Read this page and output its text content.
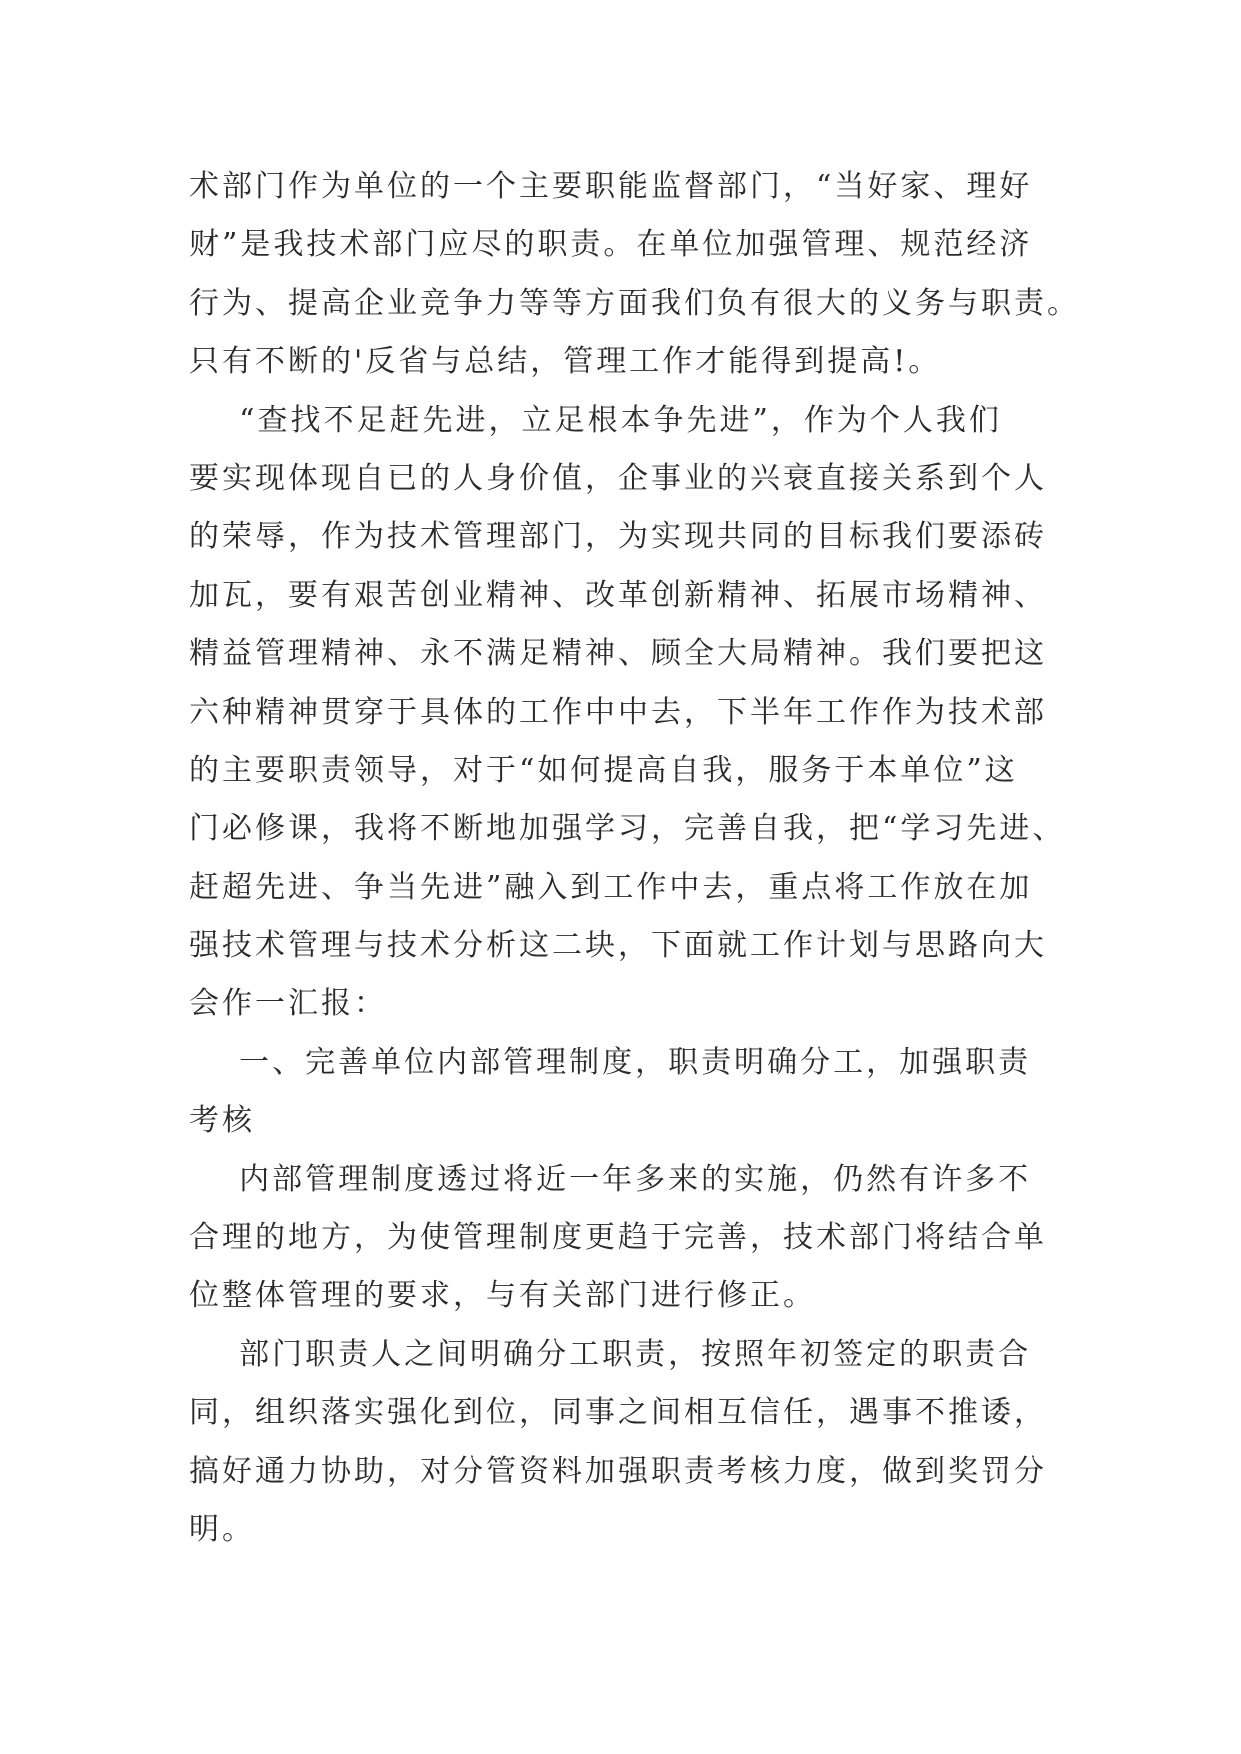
术部门作为单位的一个主要职能监督部门，“当好家、理好
财”是我技术部门应尽的职责。在单位加强管理、规范经济
行为、提高企业竞争力等等方面我们负有很大的义务与职责。
只有不断的'反省与总结，管理工作才能得到提高!。
“查找不足赶先进，立足根本争先进”，作为个人我们
要实现体现自已的人身价值，企事业的兴衰直接关系到个人
的荣辱，作为技术管理部门，为实现共同的目标我们要添砖
加瓦，要有艰苦创业精神、改革创新精神、拓展市场精神、
精益管理精神、永不满足精神、顾全大局精神。我们要把这
六种精神贯穿于具体的工作中中去，下半年工作作为技术部
的主要职责领导，对于“如何提高自我，服务于本单位”这
门必修课，我将不断地加强学习，完善自我，把“学习先进、
赶超先进、争当先进”融入到工作中去，重点将工作放在加
强技术管理与技术分析这二块，下面就工作计划与思路向大
会作一汇报：
一、完善单位内部管理制度，职责明确分工，加强职责
考核
内部管理制度透过将近一年多来的实施，仍然有许多不
合理的地方，为使管理制度更趋于完善，技术部门将结合单
位整体管理的要求，与有关部门进行修正。
部门职责人之间明确分工职责，按照年初签定的职责合
同，组织落实强化到位，同事之间相互信任，遇事不推诿，
搞好通力协助，对分管资料加强职责考核力度，做到奖罚分
明。
